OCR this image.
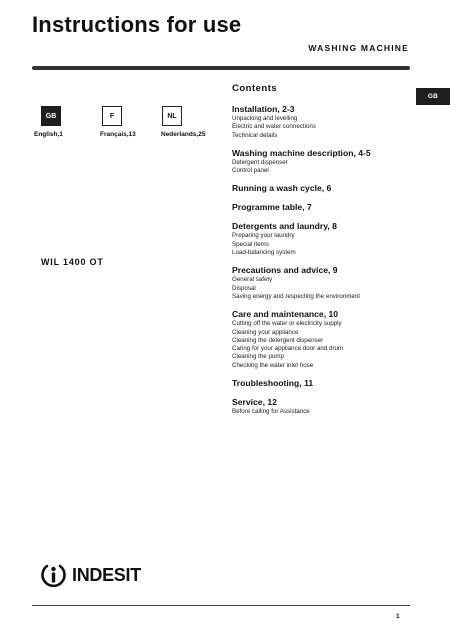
Instructions for use
WASHING MACHINE
GB
GB
English,1
F
Français,13
NL
Nederlands,25
WIL 1400 OT
Contents
Installation, 2-3
Unpacking and levelling
Electric and water connections
Technical details
Washing machine description, 4-5
Detergent dispenser
Control panel
Running a wash cycle, 6
Programme table, 7
Detergents and laundry, 8
Preparing your laundry
Special items
Load-balancing system
Precautions and advice, 9
General safety
Disposal
Saving energy and respecting the environment
Care and maintenance, 10
Cutting off the water or electricity supply
Cleaning your appliance
Cleaning the detergent dispenser
Caring for your appliance door and drum
Cleaning the pump
Checking the water inlet hose
Troubleshooting, 11
Service, 12
Before calling for Assistance
INDESIT
1
